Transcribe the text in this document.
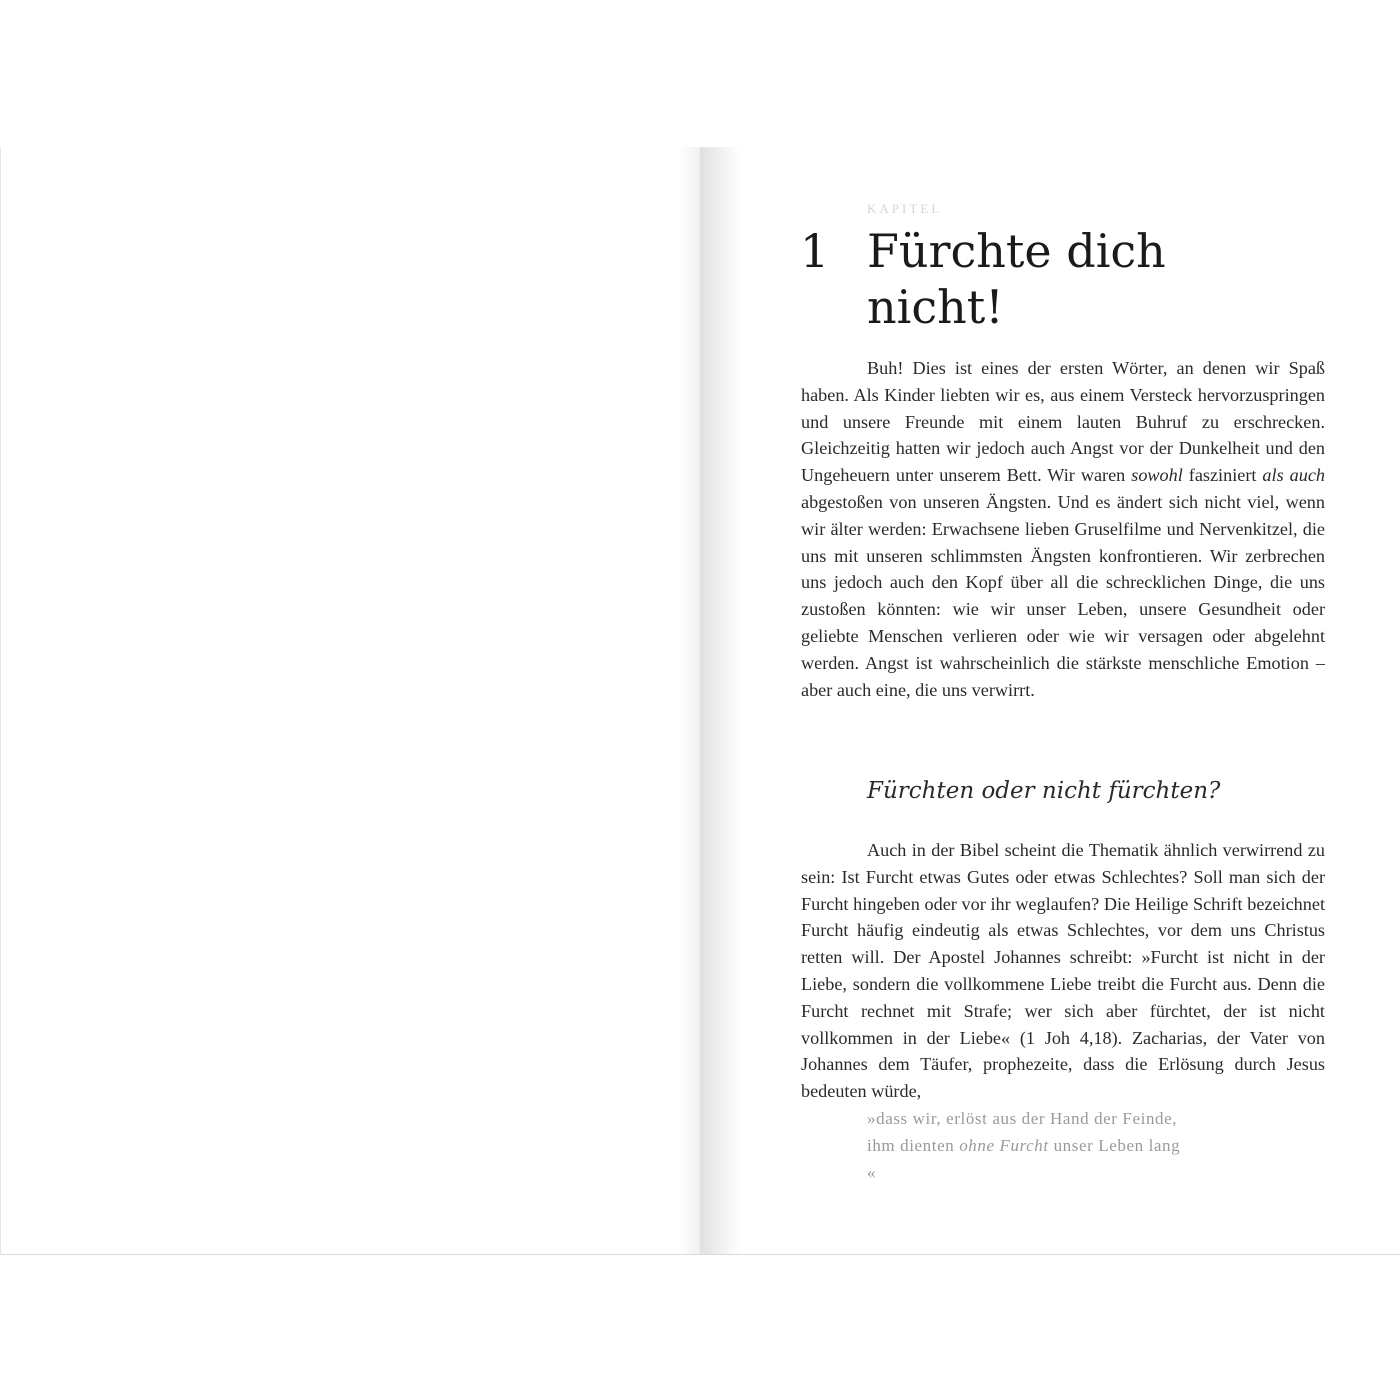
KAPITEL
1 Fürchte dich
nicht!

Buh! Dies ist eines der ersten Wörter, an denen wir Spaß haben. Als Kinder liebten wir es, aus einem Versteck hervorzuspringen und unsere Freunde mit einem lauten Buhruf zu erschrecken. Gleichzeitig hatten wir jedoch auch Angst vor der Dunkelheit und den Ungeheuern unter unserem Bett. Wir waren sowohl fasziniert als auch abgestoßen von unseren Ängsten. Und es ändert sich nicht viel, wenn wir älter werden: Erwachsene lieben Gruselfilme und Nervenkitzel, die uns mit unseren schlimmsten Ängsten konfrontieren. Wir zerbrechen uns jedoch auch den Kopf über all die schrecklichen Dinge, die uns zustoßen könnten: wie wir unser Leben, unsere Gesundheit oder geliebte Menschen verlieren oder wie wir versagen oder abgelehnt werden. Angst ist wahrscheinlich die stärkste menschliche Emotion – aber auch eine, die uns verwirrt.

Fürchten oder nicht fürchten?

Auch in der Bibel scheint die Thematik ähnlich verwirrend zu sein: Ist Furcht etwas Gutes oder etwas Schlechtes? Soll man sich der Furcht hingeben oder vor ihr weglaufen? Die Heilige Schrift bezeichnet Furcht häufig eindeutig als etwas Schlechtes, vor dem uns Christus retten will. Der Apostel Johannes schreibt: »Furcht ist nicht in der Liebe, sondern die vollkommene Liebe treibt die Furcht aus. Denn die Furcht rechnet mit Strafe; wer sich aber fürchtet, der ist nicht vollkommen in der Liebe« (1 Joh 4,18). Zacharias, der Vater von Johannes dem Täufer, prophezeite, dass die Erlösung durch Jesus bedeuten würde,

»dass wir, erlöst aus der Hand der Feinde,
ihm dienten ohne Furcht unser Leben lang
«
